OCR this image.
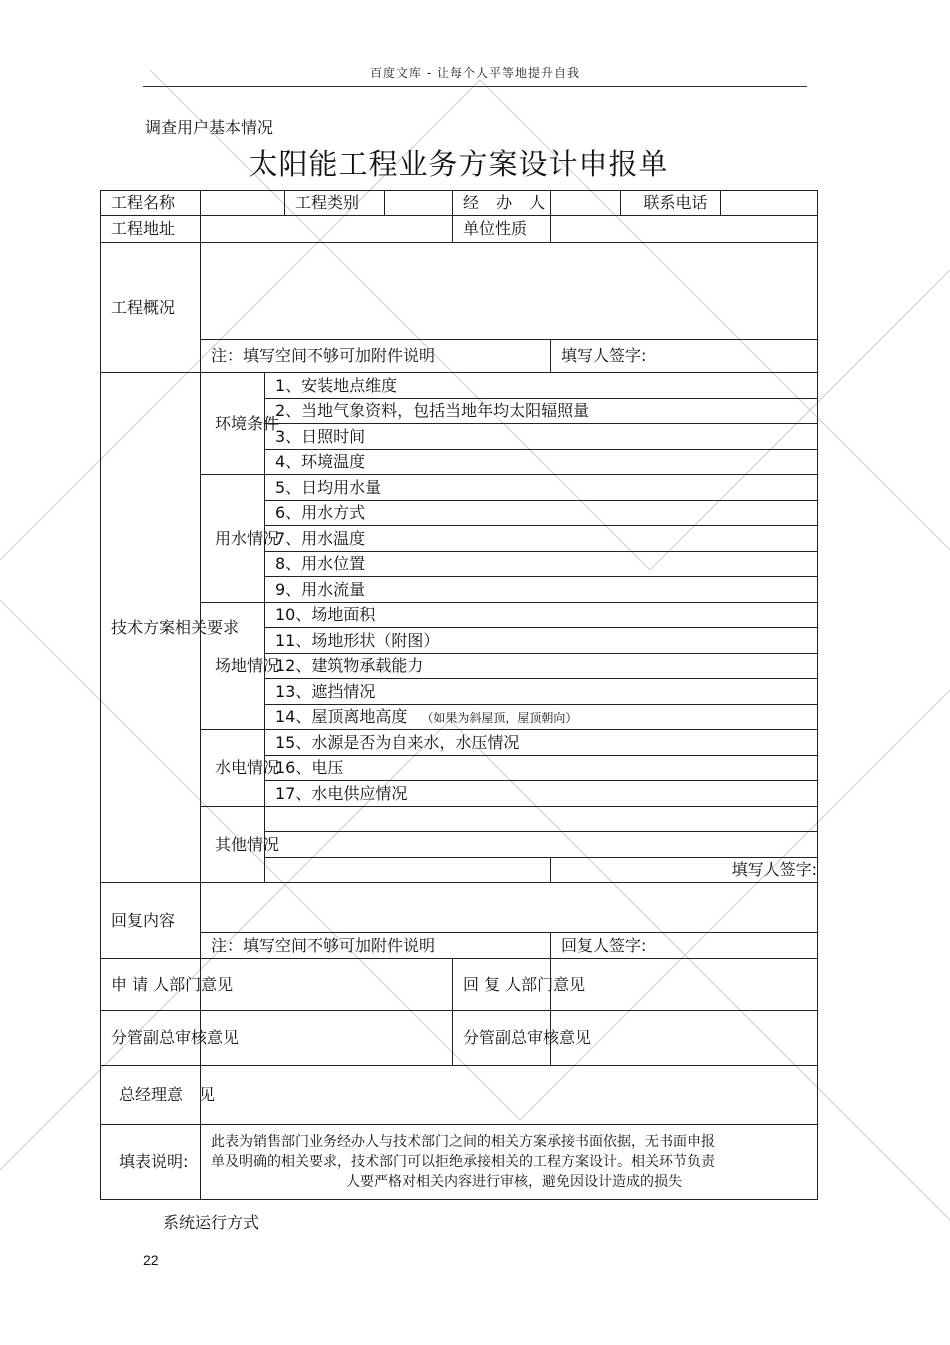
百度文库 - 让每个人平等地提升自我
调查用户基本情况
太阳能工程业务方案设计申报单
工程名称			工程类别		经 办 人		联系电话	
工程地址					单位性质			
工程概况								
	注：填写空间不够可加附件说明					填写人签字:		
技术方案相关要求	环境条件	1、安装地点维度						
		2、当地气象资料，包括当地年均太阳辐照量						
		3、日照时间						
		4、环境温度						
	用水情况	5、日均用水量						
		6、用水方式						
		7、用水温度						
		8、用水位置						
		9、用水流量						
	场地情况	10、场地面积						
		11、场地形状（附图）						
		12、建筑物承载能力						
		13、遮挡情况						
		14、屋顶离地高度 （如果为斜屋顶，屋顶朝向）						
	水电情况	15、水源是否为自来水，水压情况						
		16、电压						
		17、水电供应情况						
	其他情况							

						填写人签字:		

回复内容								
	注：填写空间不够可加附件说明					回复人签字:		
申 请 人部门意见					回 复 人部门意见			
分管副总审核意见					分管副总审核意见			
总经理意　见								
填表说明:	此表为销售部门业务经办人与技术部门之间的相关方案承接书面依据，无书面申报
单及明确的相关要求，技术部门可以拒绝承接相关的工程方案设计。相关环节负责

人要严格对相关内容进行审核，避免因设计造成的损失							
系统运行方式
22
